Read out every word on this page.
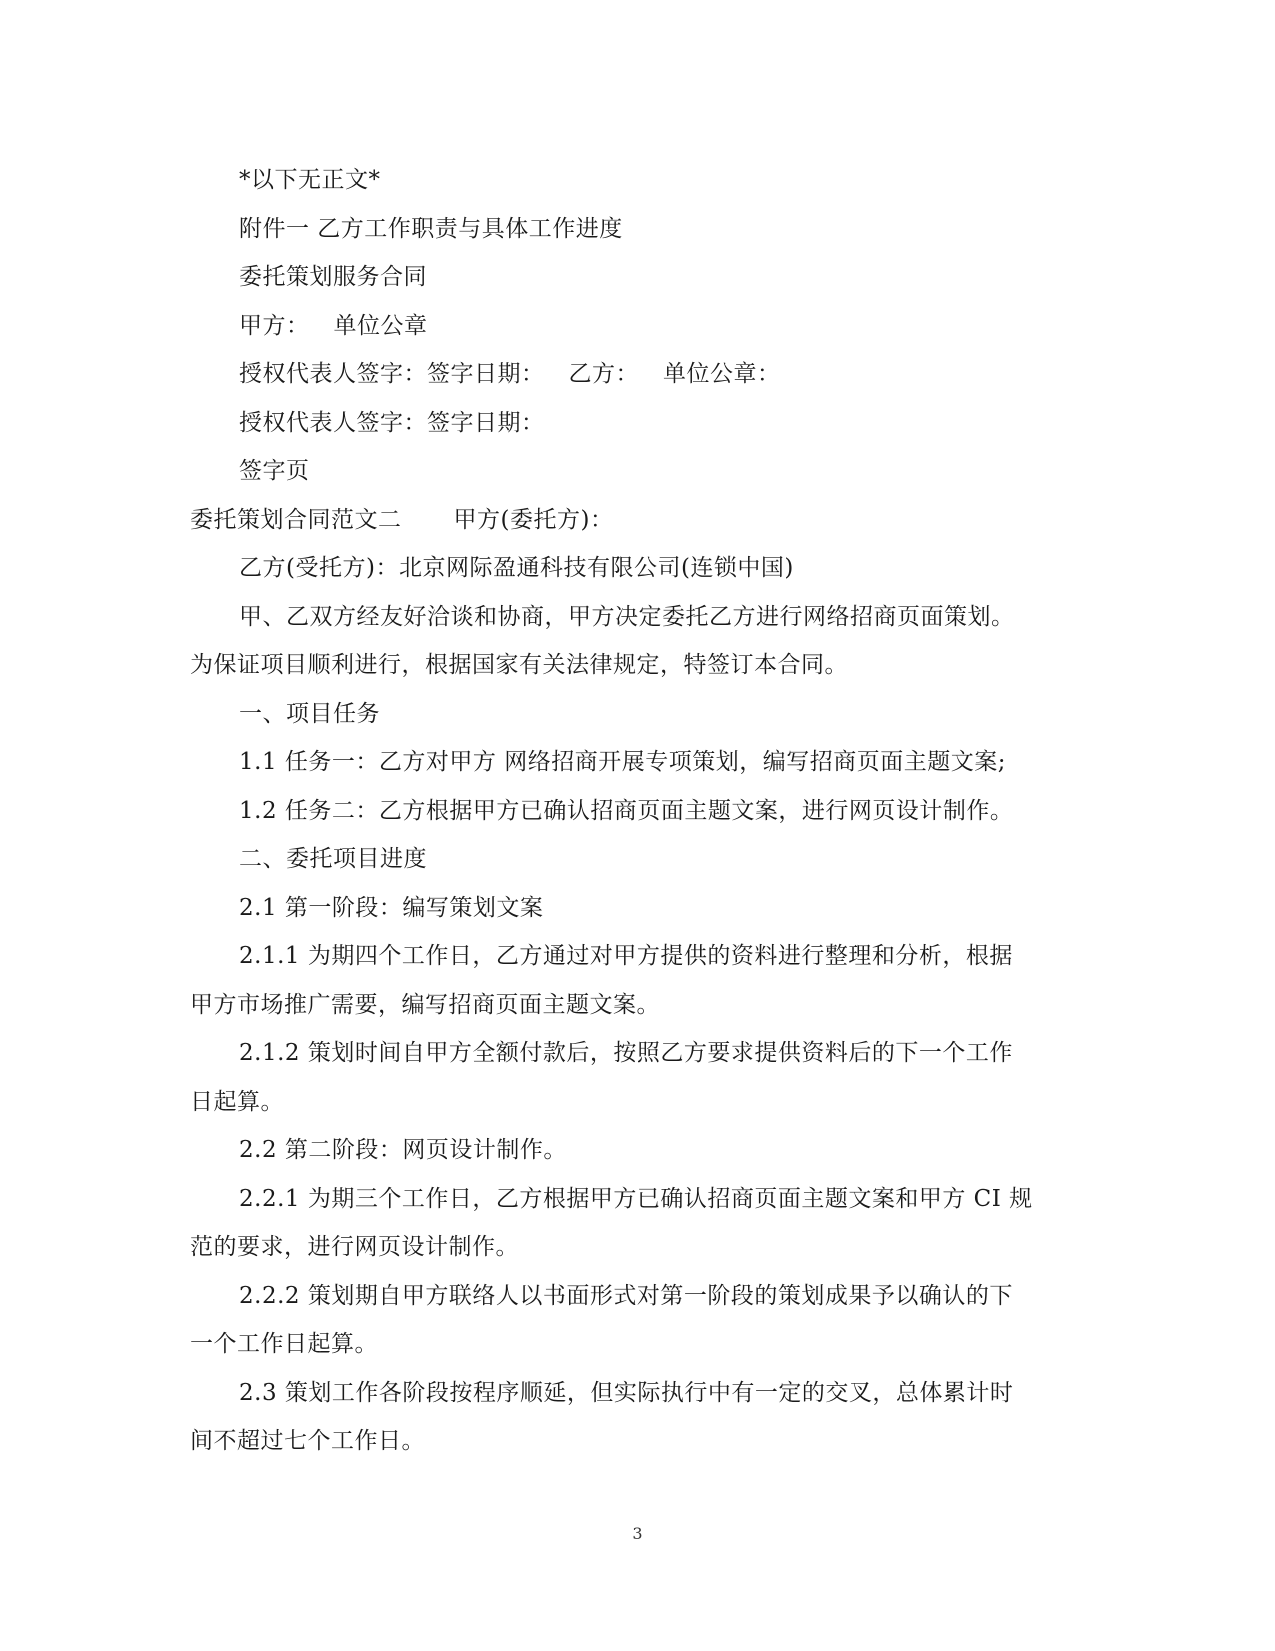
*以下无正文*
附件一 乙方工作职责与具体工作进度
委托策划服务合同
甲方： 单位公章
授权代表人签字：签字日期： 乙方： 单位公章：
授权代表人签字：签字日期：
签字页
委托策划合同范文二 甲方(委托方)：
乙方(受托方)：北京网际盈通科技有限公司(连锁中国)
甲、乙双方经友好洽谈和协商，甲方决定委托乙方进行网络招商页面策划。
为保证项目顺利进行，根据国家有关法律规定，特签订本合同。
一、项目任务
1.1 任务一：乙方对甲方 网络招商开展专项策划，编写招商页面主题文案;
1.2 任务二：乙方根据甲方已确认招商页面主题文案，进行网页设计制作。
二、委托项目进度
2.1 第一阶段：编写策划文案
2.1.1 为期四个工作日，乙方通过对甲方提供的资料进行整理和分析，根据
甲方市场推广需要，编写招商页面主题文案。
2.1.2 策划时间自甲方全额付款后，按照乙方要求提供资料后的下一个工作
日起算。
2.2 第二阶段：网页设计制作。
2.2.1 为期三个工作日，乙方根据甲方已确认招商页面主题文案和甲方 CI 规
范的要求，进行网页设计制作。
2.2.2 策划期自甲方联络人以书面形式对第一阶段的策划成果予以确认的下
一个工作日起算。
2.3 策划工作各阶段按程序顺延，但实际执行中有一定的交叉，总体累计时
间不超过七个工作日。
3
